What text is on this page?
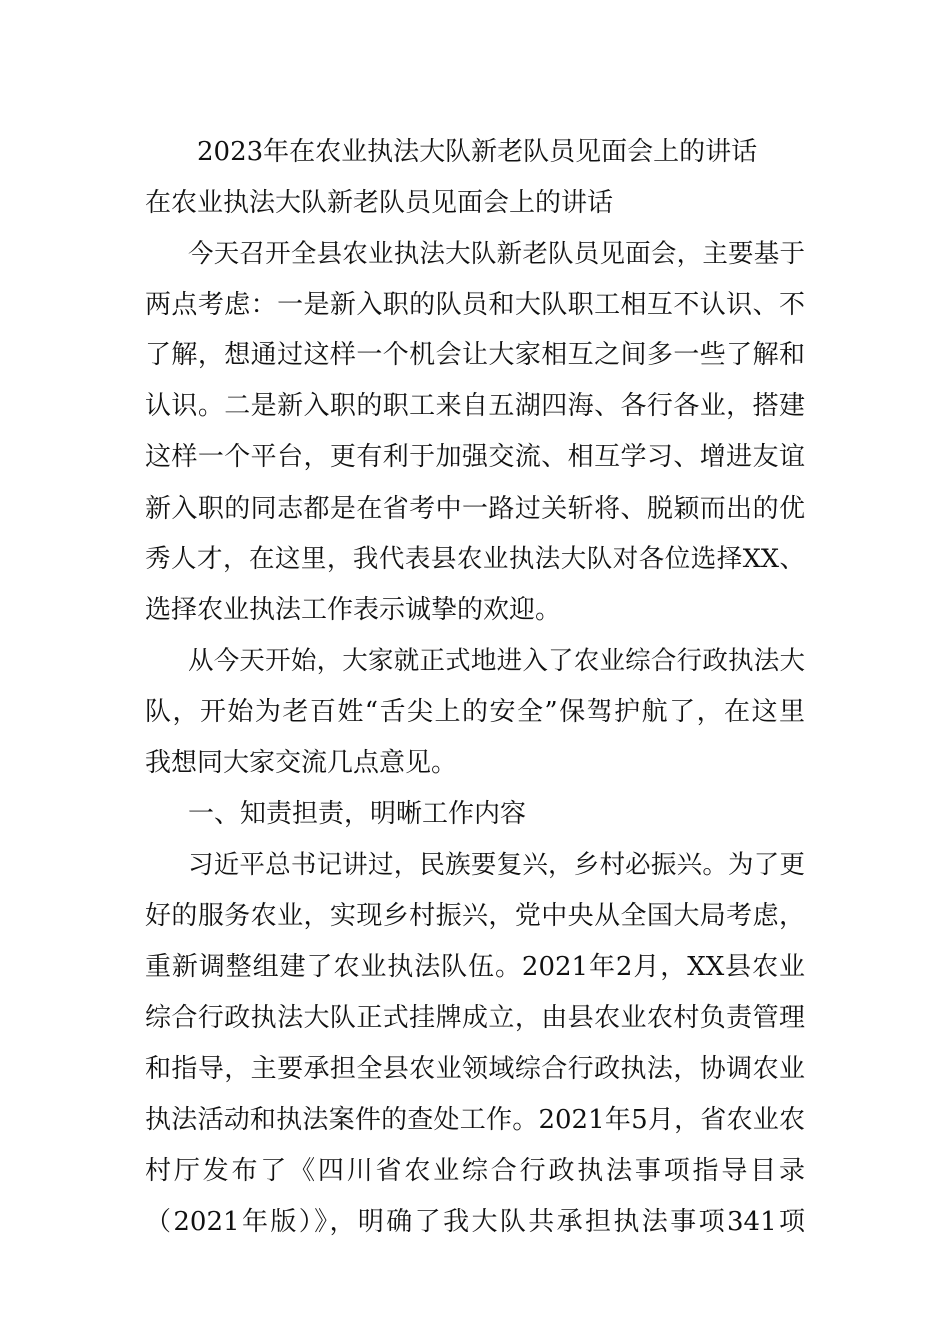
2023年在农业执法大队新老队员见面会上的讲话
在农业执法大队新老队员见面会上的讲话

今天召开全县农业执法大队新老队员见面会，主要基于

两点考虑：一是新入职的队员和大队职工相互不认识、不

了解，想通过这样一个机会让大家相互之间多一些了解和

认识。二是新入职的职工来自五湖四海、各行各业，搭建

这样一个平台，更有利于加强交流、相互学习、增进友谊

新入职的同志都是在省考中一路过关斩将、脱颖而出的优

秀人才，在这里，我代表县农业执法大队对各位选择XX、

选择农业执法工作表示诚挚的欢迎。

从今天开始，大家就正式地进入了农业综合行政执法大

队，开始为老百姓“舌尖上的安全”保驾护航了，在这里

我想同大家交流几点意见。

一、知责担责，明晰工作内容

习近平总书记讲过，民族要复兴，乡村必振兴。为了更

好的服务农业，实现乡村振兴，党中央从全国大局考虑，

重新调整组建了农业执法队伍。2021年2月，XX县农业

综合行政执法大队正式挂牌成立，由县农业农村负责管理

和指导，主要承担全县农业领域综合行政执法，协调农业

执法活动和执法案件的查处工作。2021年5月，省农业农

村厅发布了《四川省农业综合行政执法事项指导目录

（2021年版）》，明确了我大队共承担执法事项341项
